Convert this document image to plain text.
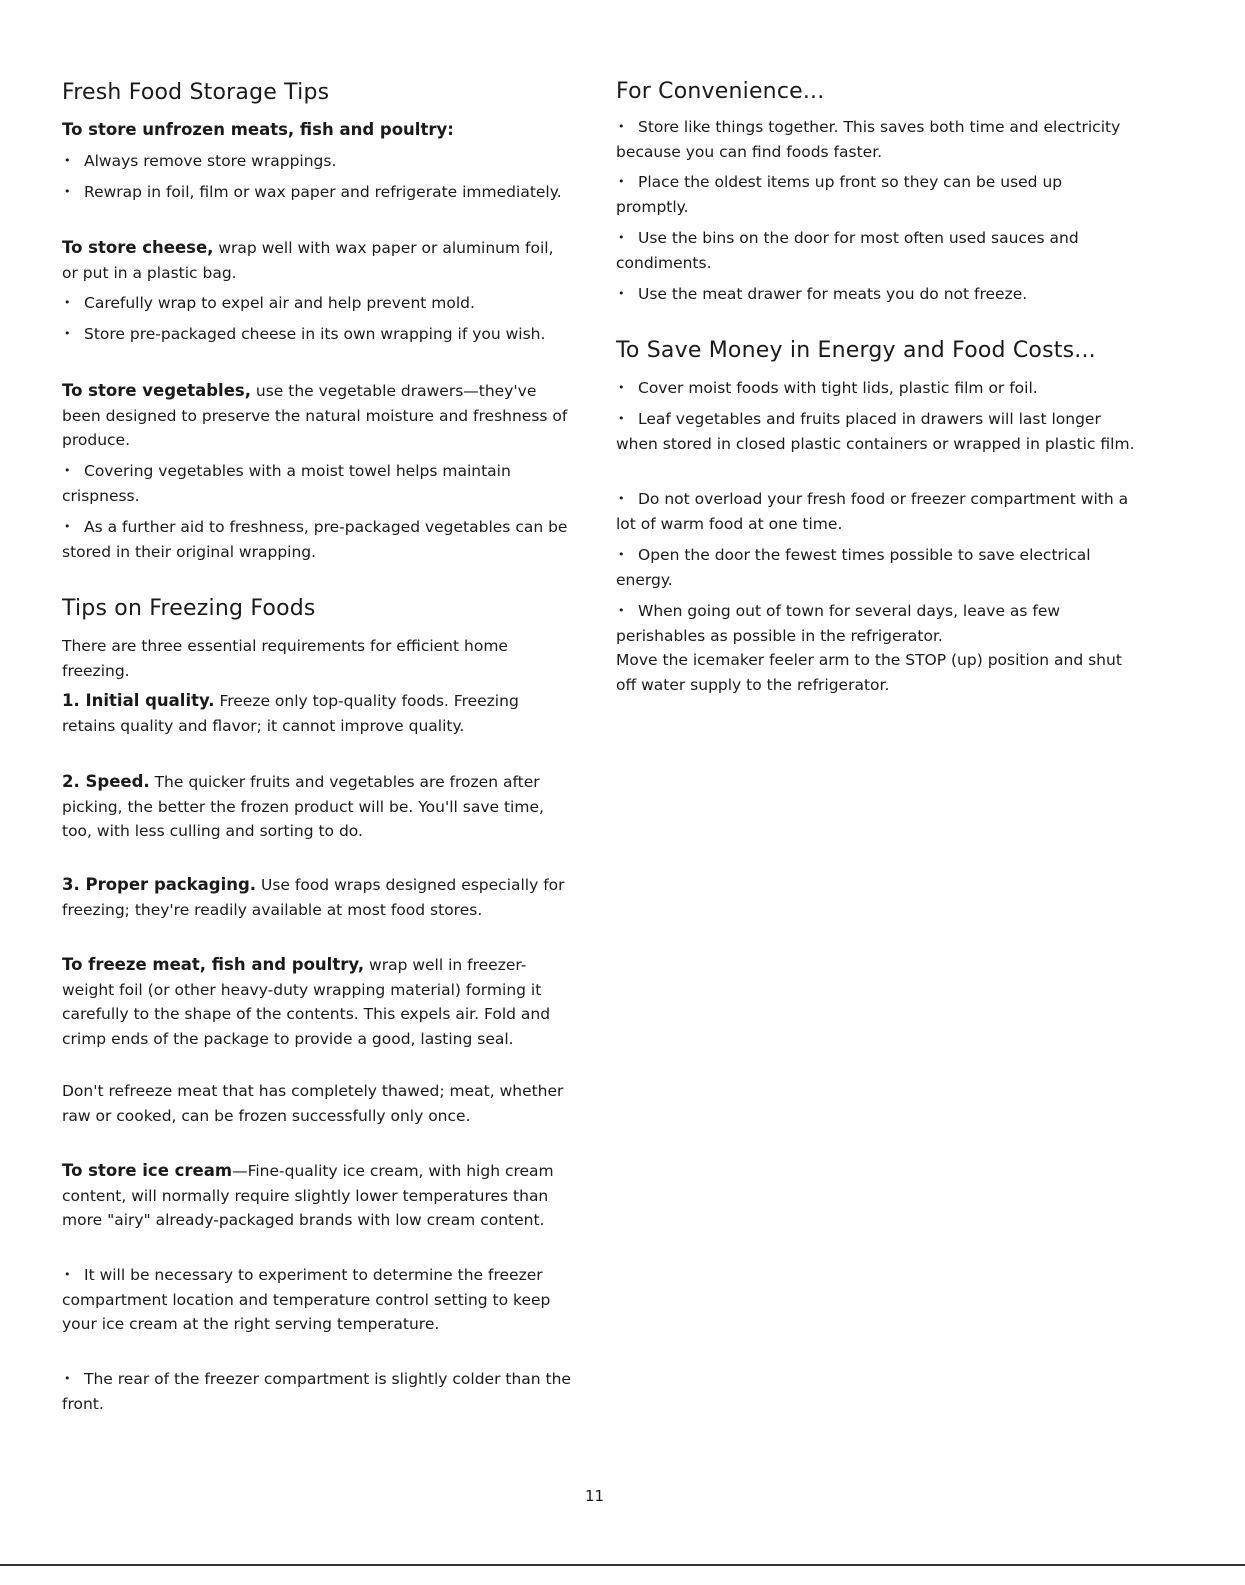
Fresh Food Storage Tips

To store unfrozen meats, fish and poultry:

• Always remove store wrappings.

• Rewrap in foil, film or wax paper and refrigerate immediately.

To store cheese, wrap well with wax paper or aluminum foil, or put in a plastic bag.

• Carefully wrap to expel air and help prevent mold.

• Store pre-packaged cheese in its own wrapping if you wish.

To store vegetables, use the vegetable drawers—they've been designed to preserve the natural moisture and freshness of produce.

• Covering vegetables with a moist towel helps maintain crispness.

• As a further aid to freshness, pre-packaged vegetables can be stored in their original wrapping.

Tips on Freezing Foods

There are three essential requirements for efficient home freezing.

1. Initial quality. Freeze only top-quality foods. Freezing retains quality and flavor; it cannot improve quality.

2. Speed. The quicker fruits and vegetables are frozen after picking, the better the frozen product will be. You'll save time, too, with less culling and sorting to do.

3. Proper packaging. Use food wraps designed especially for freezing; they're readily available at most food stores.

To freeze meat, fish and poultry, wrap well in freezer-weight foil (or other heavy-duty wrapping material) forming it carefully to the shape of the contents. This expels air. Fold and crimp ends of the package to provide a good, lasting seal.

Don't refreeze meat that has completely thawed; meat, whether raw or cooked, can be frozen successfully only once.

To store ice cream—Fine-quality ice cream, with high cream content, will normally require slightly lower temperatures than more "airy" already-packaged brands with low cream content.

• It will be necessary to experiment to determine the freezer compartment location and temperature control setting to keep your ice cream at the right serving temperature.

• The rear of the freezer compartment is slightly colder than the front.

For Convenience...

• Store like things together. This saves both time and electricity because you can find foods faster.

• Place the oldest items up front so they can be used up promptly.

• Use the bins on the door for most often used sauces and condiments.

• Use the meat drawer for meats you do not freeze.

To Save Money in Energy and Food Costs...

• Cover moist foods with tight lids, plastic film or foil.

• Leaf vegetables and fruits placed in drawers will last longer when stored in closed plastic containers or wrapped in plastic film.

• Do not overload your fresh food or freezer compartment with a lot of warm food at one time.

• Open the door the fewest times possible to save electrical energy.

• When going out of town for several days, leave as few perishables as possible in the refrigerator.

Move the icemaker feeler arm to the STOP (up) position and shut off water supply to the refrigerator.

11
